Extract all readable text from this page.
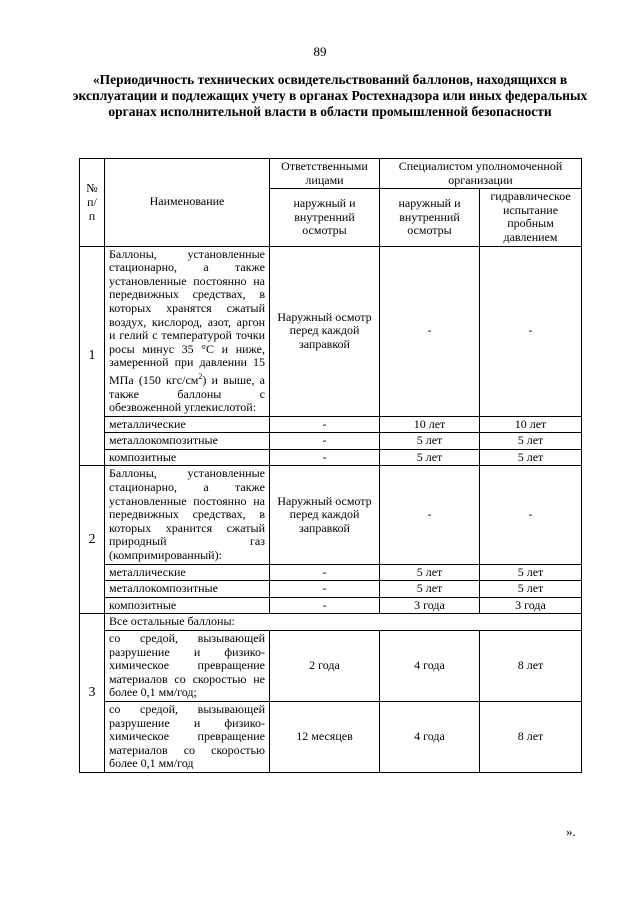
89
«Периодичность технических освидетельствований баллонов, находящихся в эксплуатации и подлежащих учету в органах Ростехнадзора или иных федеральных органах исполнительной власти в области промышленной безопасности
№ п/п	Наименование	Ответственными лицами	Специалистом уполномоченной организации	
		наружный и внутренний осмотры	наружный и внутренний осмотры	гидравлическое испытание пробным давлением
1	Баллоны, установленные стационарно, а также установленные постоянно на передвижных средствах, в которых хранятся сжатый воздух, кислород, азот, аргон и гелий с температурой точки росы минус 35 °С и ниже, замеренной при давлении 15 МПа (150 кгс/$см^2$) и выше, а также баллоны с обезвоженной углекислотой:	Наружный осмотр перед каждой заправкой	-	-
	металлические	-	10 лет	10 лет
	металлокомпозитные	-	5 лет	5 лет
	композитные	-	5 лет	5 лет
2	Баллоны, установленные стационарно, а также установленные постоянно на передвижных средствах, в которых хранится сжатый природный газ (компримированный):	Наружный осмотр перед каждой заправкой	-	-
	металлические	-	5 лет	5 лет
	металлокомпозитные	-	5 лет	5 лет
	композитные	-	3 года	3 года
3	Все остальные баллоны:			
	со средой, вызывающей разрушение и физико-химическое превращение материалов со скоростью не более 0,1 мм/год;	2 года	4 года	8 лет
	со средой, вызывающей разрушение и физико-химическое превращение материалов со скоростью более 0,1 мм/год	12 месяцев	4 года	8 лет
».
